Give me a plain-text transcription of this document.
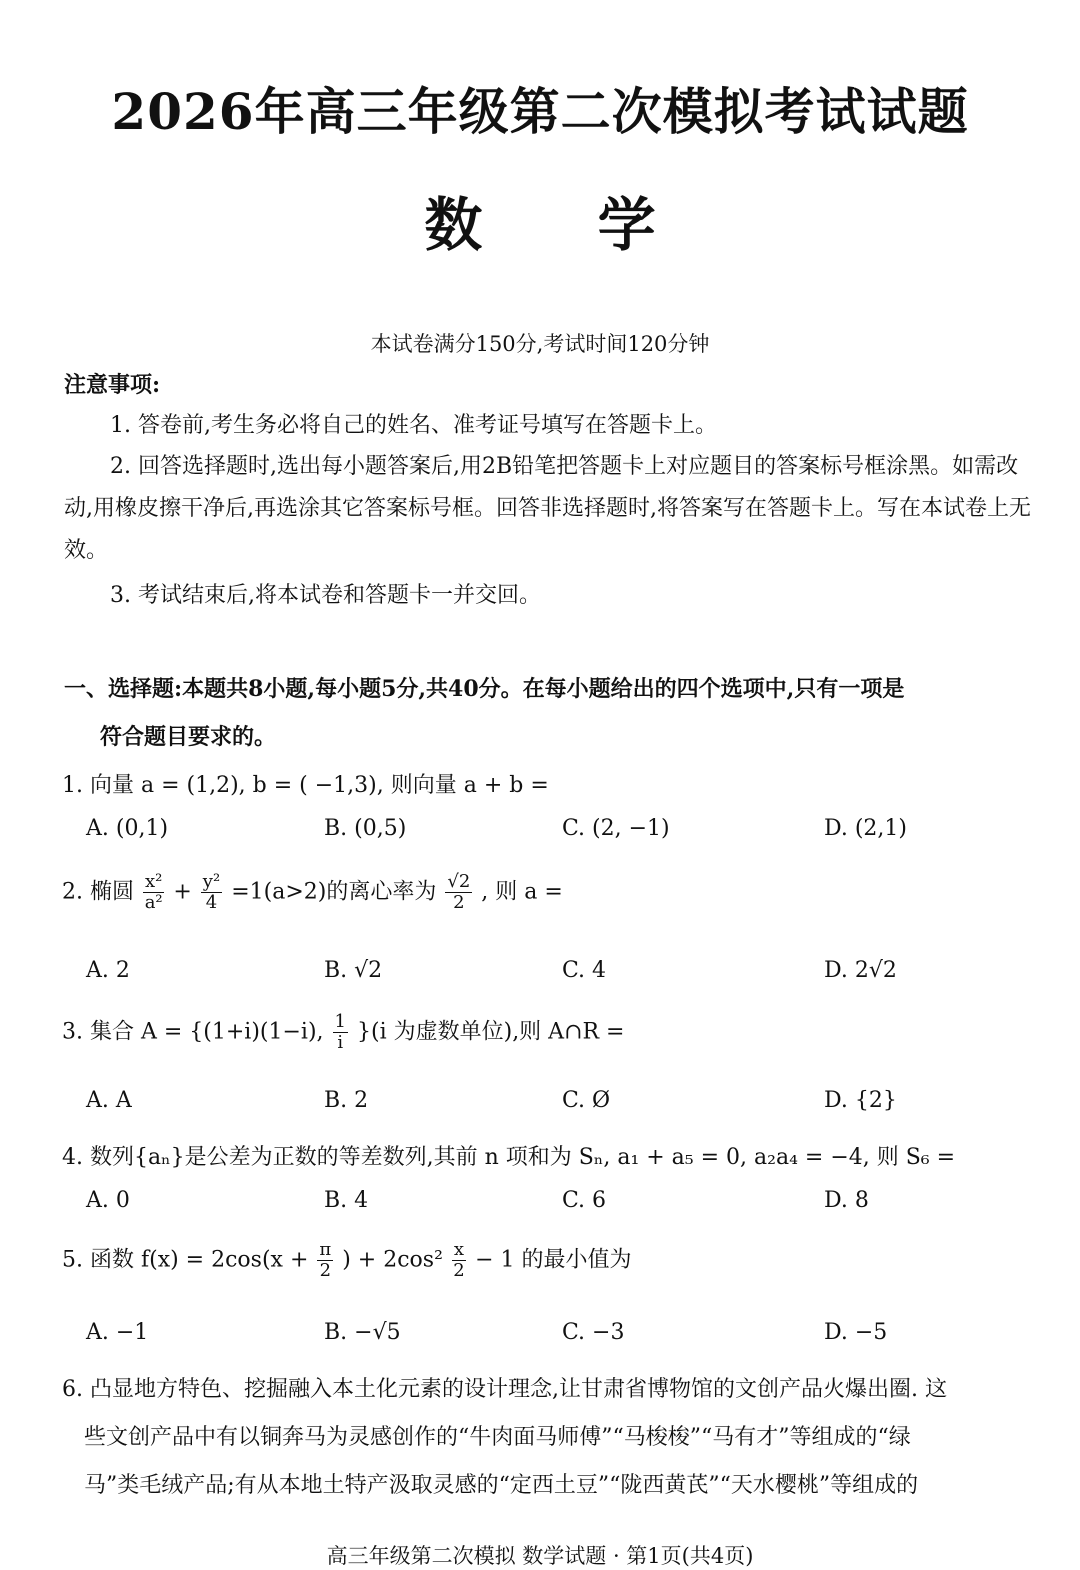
2026年高三年级第二次模拟考试试题
数 学
本试卷满分150分,考试时间120分钟
注意事项:
1. 答卷前,考生务必将自己的姓名、准考证号填写在答题卡上。
2. 回答选择题时,选出每小题答案后,用2B铅笔把答题卡上对应题目的答案标号框涂黑。如需改动,用橡皮擦干净后,再选涂其它答案标号框。回答非选择题时,将答案写在答题卡上。写在本试卷上无效。
3. 考试结束后,将本试卷和答题卡一并交回。
一、选择题:本题共8小题,每小题5分,共40分。在每小题给出的四个选项中,只有一项是
符合题目要求的。
1. 向量 a = (1,2), b = ( −1,3), 则向量 a + b =
A. (0,1)	B. (0,5)	C. (2, −1)	D. (2,1)
2. 椭圆 $\frac{\text{x²}}{\text{a²}} + \frac{\text{y²}}{4} =1(a>2)$的离心率为 $\frac{√2}{2}$ , 则 a =
A. 2	B. √2	C. 4	D. 2√2
3. 集合 A = {(1+i)(1−i), $\frac{1}{i} \}(i$ 为虚数单位),则 A∩R =
A. A	B. 2	C. Ø	D. {2}
4. 数列{aₙ}是公差为正数的等差数列,其前 n 项和为 Sₙ, a₁ + a₅ = 0, a₂a₄ = −4, 则 S₆ =
A. 0	B. 4	C. 6	D. 8
5. 函数 $f(x) = 2\cos(x + \frac{\pi}{2}$ ) + $2\cos^2 \frac{x}{2} - 1$ 的最小值为
A. −1	B. −√5	C. −3	D. −5
6. 凸显地方特色、挖掘融入本土化元素的设计理念,让甘肃省博物馆的文创产品火爆出圈. 这
些文创产品中有以铜奔马为灵感创作的“牛肉面马师傅”“马梭梭”“马有才”等组成的“绿
马”类毛绒产品;有从本地土特产汲取灵感的“定西土豆”“陇西黄芪”“天水樱桃”等组成的
高三年级第二次模拟 数学试题 · 第1页(共4页)
